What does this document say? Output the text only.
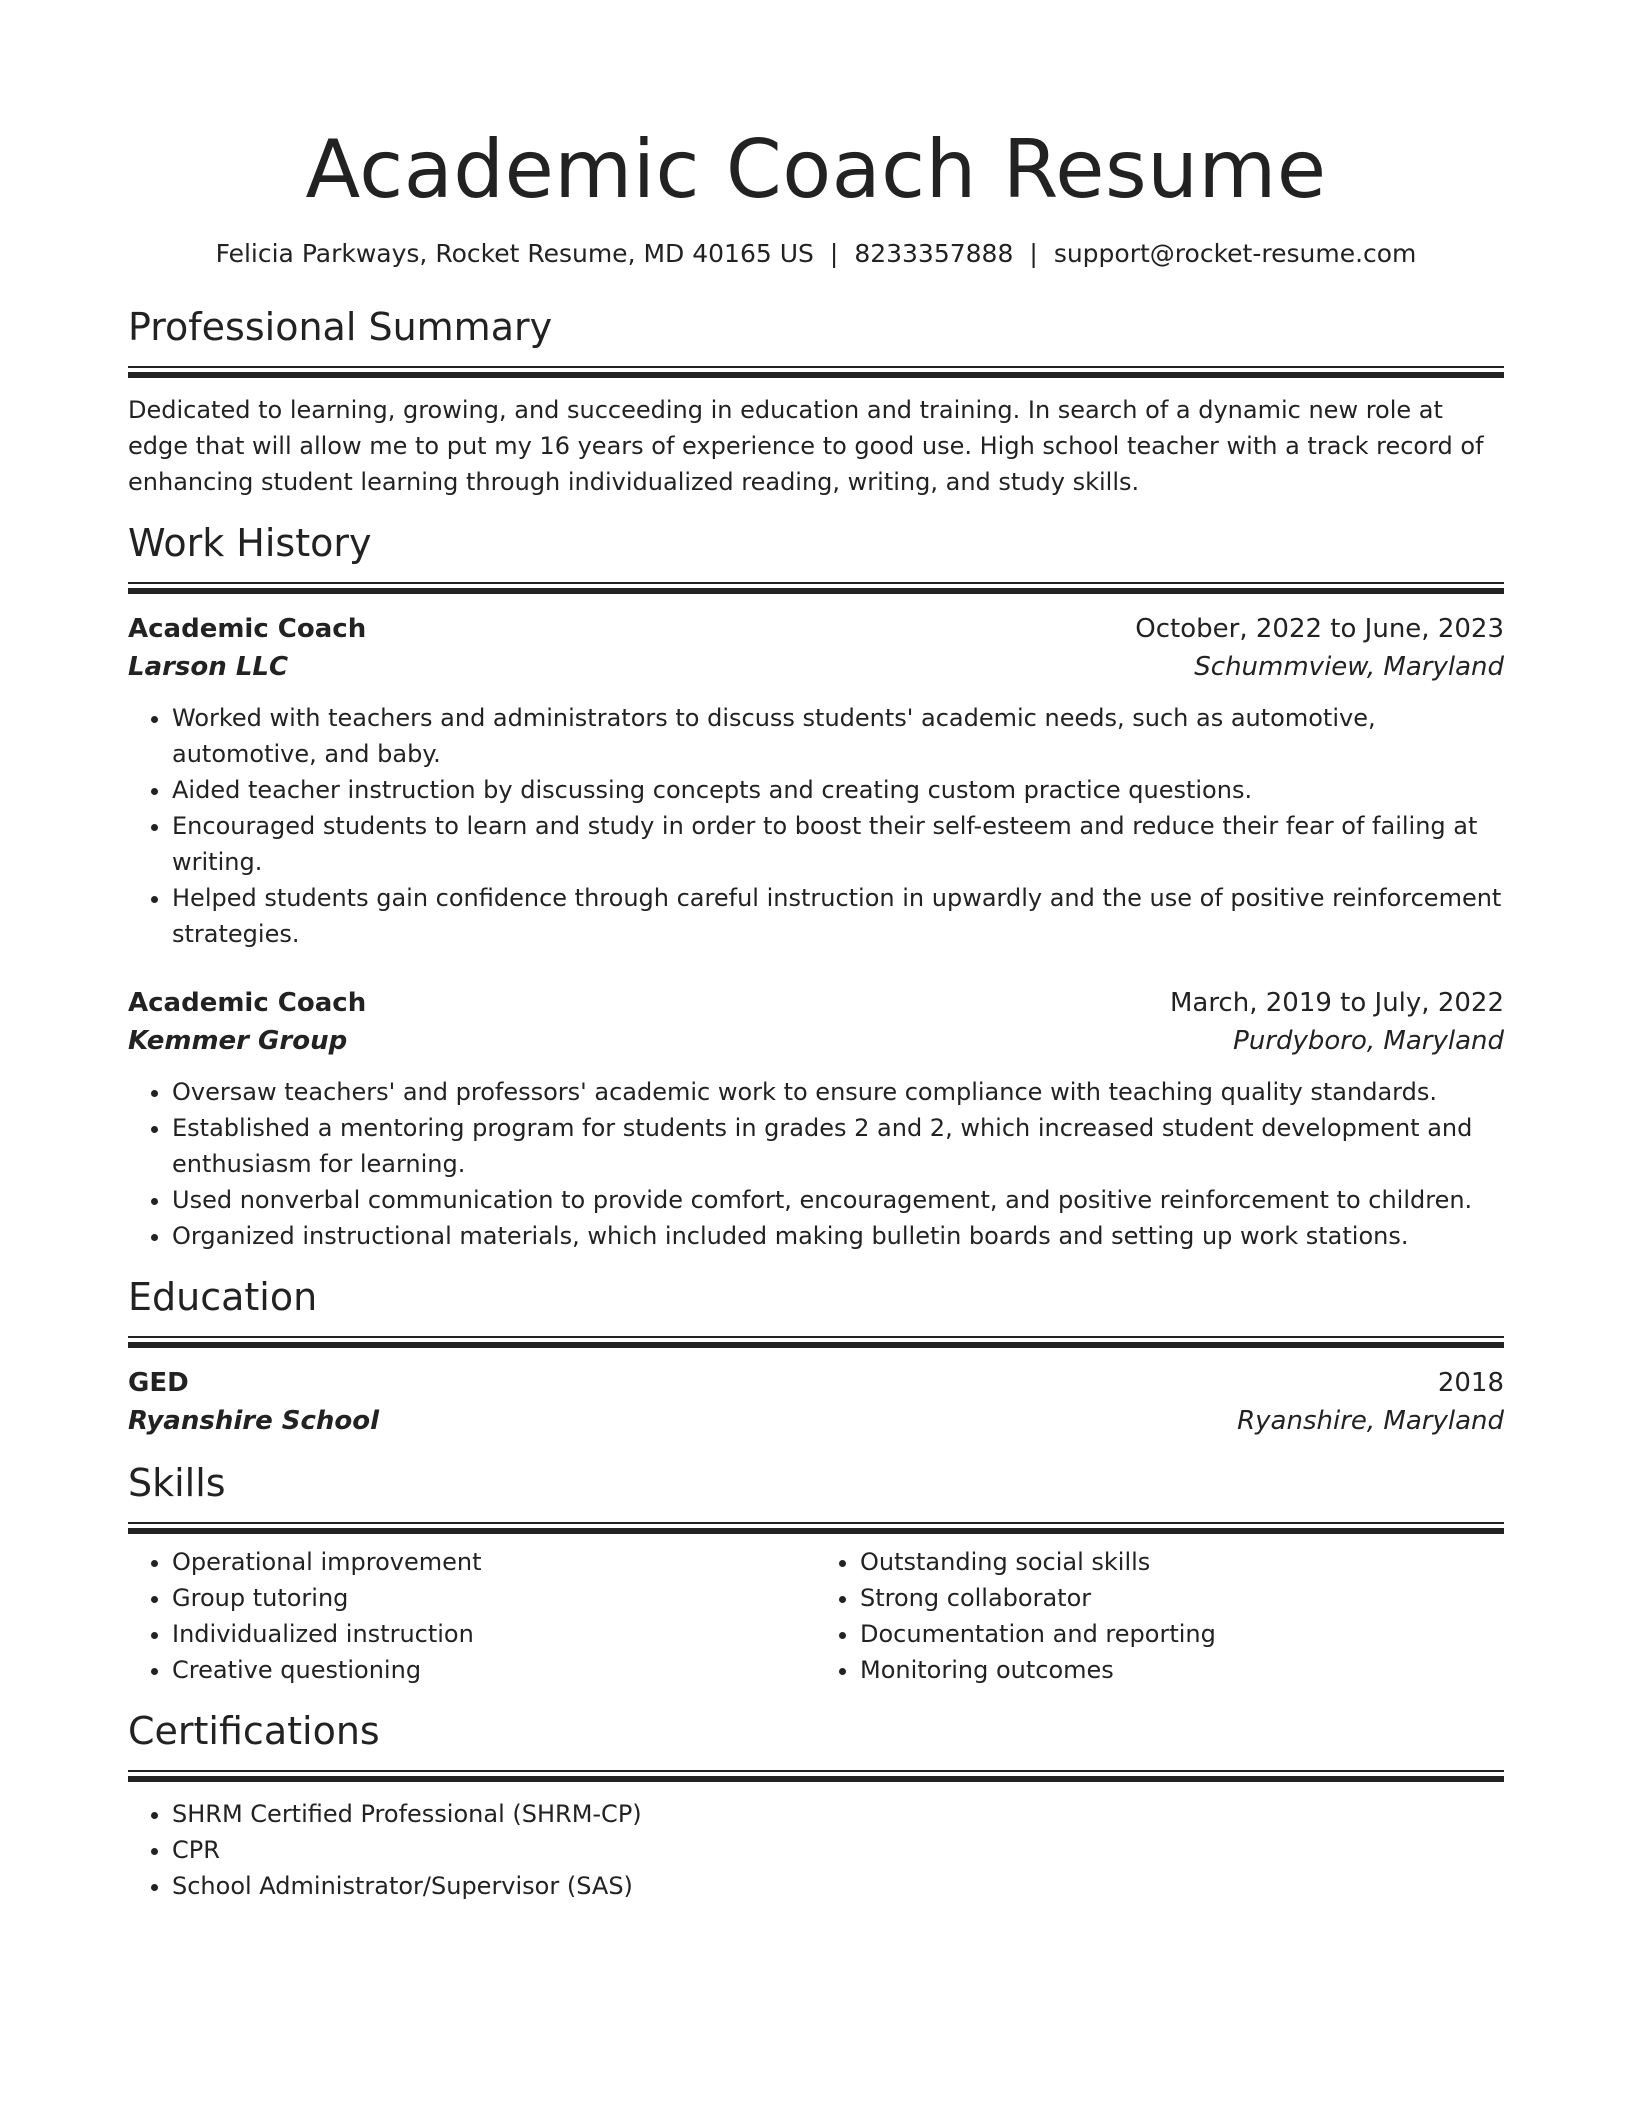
Academic Coach Resume
Felicia Parkways, Rocket Resume, MD 40165 US | 8233357888 | support@rocket-resume.com
Professional Summary

Dedicated to learning, growing, and succeeding in education and training. In search of a dynamic new role at edge that will allow me to put my 16 years of experience to good use. High school teacher with a track record of enhancing student learning through individualized reading, writing, and study skills.

Work History
Academic Coach	October, 2022 to June, 2023
Larson LLC	Schummview, Maryland
• Worked with teachers and administrators to discuss students' academic needs, such as automotive, automotive, and baby.
• Aided teacher instruction by discussing concepts and creating custom practice questions.
• Encouraged students to learn and study in order to boost their self-esteem and reduce their fear of failing at writing.
• Helped students gain confidence through careful instruction in upwardly and the use of positive reinforcement strategies.
Academic Coach	March, 2019 to July, 2022
Kemmer Group	Purdyboro, Maryland
• Oversaw teachers' and professors' academic work to ensure compliance with teaching quality standards.
• Established a mentoring program for students in grades 2 and 2, which increased student development and enthusiasm for learning.
• Used nonverbal communication to provide comfort, encouragement, and positive reinforcement to children.
• Organized instructional materials, which included making bulletin boards and setting up work stations.
Education
GED	2018
Ryanshire School	Ryanshire, Maryland
Skills
• Operational improvement
• Group tutoring
• Individualized instruction
• Creative questioning
• Outstanding social skills
• Strong collaborator
• Documentation and reporting
• Monitoring outcomes
Certifications
• SHRM Certified Professional (SHRM-CP)
• CPR
• School Administrator/Supervisor (SAS)
